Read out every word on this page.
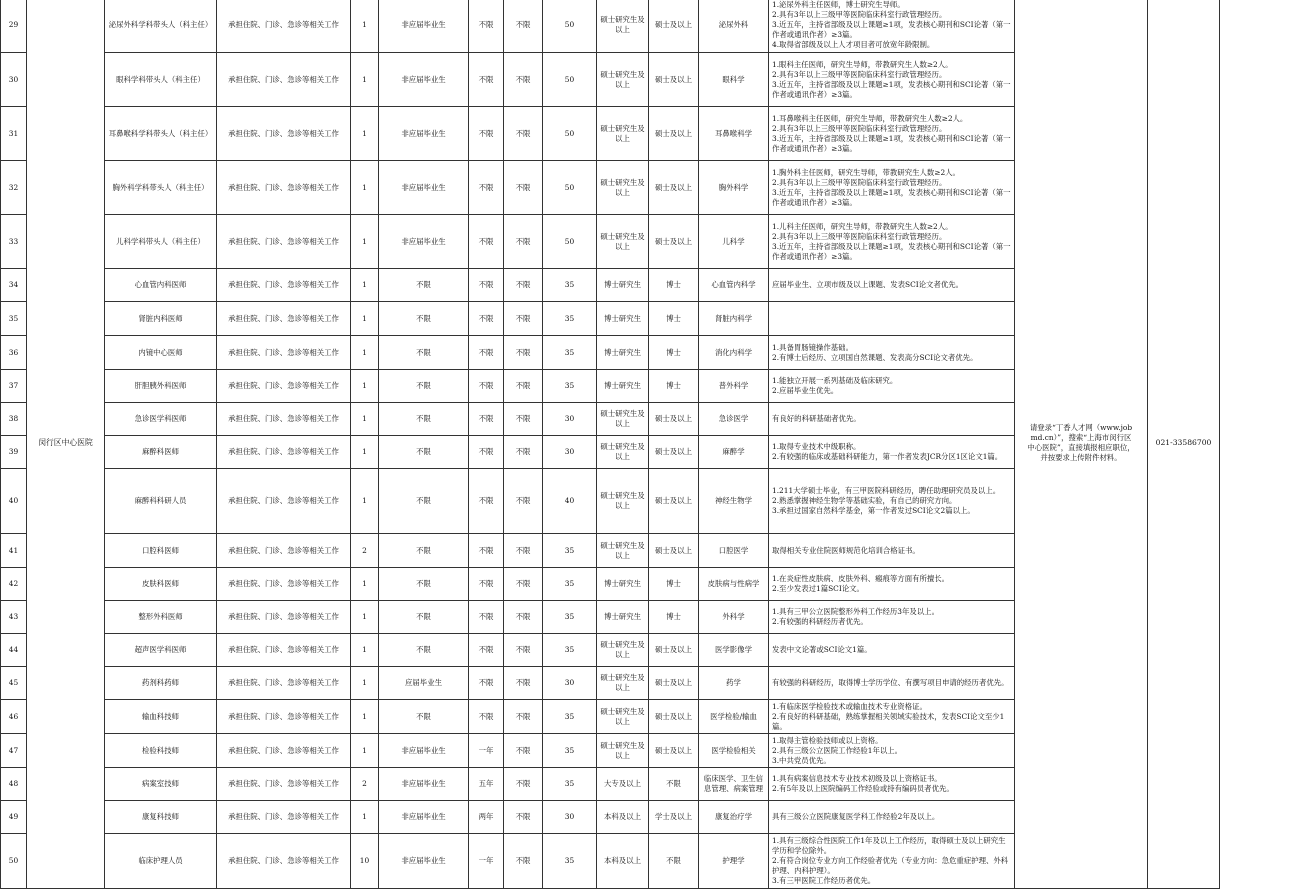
29	闵行区中心医院	泌尿外科学科带头人（科主任）	承担住院、门诊、急诊等相关工作	1	非应届毕业生	不限	不限	50	硕士研究生及以上	硕士及以上	泌尿外科	1.泌尿外科主任医师，博士研究生导师。
2.具有3年以上三级甲等医院临床科室行政管理经历。
3.近五年，主持省部级及以上课题≥1项，发表核心期刊和SCI论著（第一作者或通讯作者）≥3篇。
4.取得省部级及以上人才项目者可放宽年龄限制。	请登录“丁香人才网（www.jobmd.cn）”，搜索“上海市闵行区中心医院”，直接填报相应职位，并按要求上传附件材料。	021-33586700
30		眼科学科带头人（科主任）	承担住院、门诊、急诊等相关工作	1	非应届毕业生	不限	不限	50	硕士研究生及以上	硕士及以上	眼科学	1.眼科主任医师，研究生导师，带教研究生人数≥2人。
2.具有3年以上三级甲等医院临床科室行政管理经历。
3.近五年，主持省部级及以上课题≥1项，发表核心期刊和SCI论著（第一作者或通讯作者）≥3篇。		
31		耳鼻喉科学科带头人（科主任）	承担住院、门诊、急诊等相关工作	1	非应届毕业生	不限	不限	50	硕士研究生及以上	硕士及以上	耳鼻喉科学	1.耳鼻喉科主任医师，研究生导师，带教研究生人数≥2人。
2.具有3年以上三级甲等医院临床科室行政管理经历。
3.近五年，主持省部级及以上课题≥1项，发表核心期刊和SCI论著（第一作者或通讯作者）≥3篇。		
32		胸外科学科带头人（科主任）	承担住院、门诊、急诊等相关工作	1	非应届毕业生	不限	不限	50	硕士研究生及以上	硕士及以上	胸外科学	1.胸外科主任医师，研究生导师，带教研究生人数≥2人。
2.具有3年以上三级甲等医院临床科室行政管理经历。
3.近五年，主持省部级及以上课题≥1项，发表核心期刊和SCI论著（第一作者或通讯作者）≥3篇。		
33		儿科学科带头人（科主任）	承担住院、门诊、急诊等相关工作	1	非应届毕业生	不限	不限	50	硕士研究生及以上	硕士及以上	儿科学	1.儿科主任医师，研究生导师，带教研究生人数≥2人。
2.具有3年以上三级甲等医院临床科室行政管理经历。
3.近五年，主持省部级及以上课题≥1项，发表核心期刊和SCI论著（第一作者或通讯作者）≥3篇。		
34		心血管内科医师	承担住院、门诊、急诊等相关工作	1	不限	不限	不限	35	博士研究生	博士	心血管内科学	应届毕业生、立项市级及以上课题、发表SCI论文者优先。		
35		肾脏内科医师	承担住院、门诊、急诊等相关工作	1	不限	不限	不限	35	博士研究生	博士	肾脏内科学			
36		内镜中心医师	承担住院、门诊、急诊等相关工作	1	不限	不限	不限	35	博士研究生	博士	消化内科学	1.具备胃肠镜操作基础。
2.有博士后经历、立项国自然课题、发表高分SCI论文者优先。		
37		肝胆胰外科医师	承担住院、门诊、急诊等相关工作	1	不限	不限	不限	35	博士研究生	博士	普外科学	1.能独立开展一系列基础及临床研究。
2.应届毕业生优先。		
38		急诊医学科医师	承担住院、门诊、急诊等相关工作	1	不限	不限	不限	30	硕士研究生及以上	硕士及以上	急诊医学	有良好的科研基础者优先。		
39		麻醉科医师	承担住院、门诊、急诊等相关工作	1	不限	不限	不限	30	硕士研究生及以上	硕士及以上	麻醉学	1.取得专业技术中级职称。
2.有较强的临床或基础科研能力，第一作者发表JCR分区1区论文1篇。		
40		麻醉科科研人员	承担住院、门诊、急诊等相关工作	1	不限	不限	不限	40	硕士研究生及以上	硕士及以上	神经生物学	1.211大学硕士毕业，有三甲医院科研经历，聘任助理研究员及以上。
2.熟悉掌握神经生物学等基础实验，有自己的研究方向。
3.承担过国家自然科学基金，第一作者发过SCI论文2篇以上。		
41		口腔科医师	承担住院、门诊、急诊等相关工作	2	不限	不限	不限	35	硕士研究生及以上	硕士及以上	口腔医学	取得相关专业住院医师规范化培训合格证书。		
42		皮肤科医师	承担住院、门诊、急诊等相关工作	1	不限	不限	不限	35	博士研究生	博士	皮肤病与性病学	1.在炎症性皮肤病、皮肤外科、瘢痕等方面有所擅长。
2.至少发表过1篇SCI论文。		
43		整形外科医师	承担住院、门诊、急诊等相关工作	1	不限	不限	不限	35	博士研究生	博士	外科学	1.具有三甲公立医院整形外科工作经历3年及以上。
2.有较强的科研经历者优先。		
44		超声医学科医师	承担住院、门诊、急诊等相关工作	1	不限	不限	不限	35	硕士研究生及以上	硕士及以上	医学影像学	发表中文论著或SCI论文1篇。		
45		药剂科药师	承担住院、门诊、急诊等相关工作	1	应届毕业生	不限	不限	30	硕士研究生及以上	硕士及以上	药学	有较强的科研经历，取得博士学历学位、有撰写项目申请的经历者优先。		
46		输血科技师	承担住院、门诊、急诊等相关工作	1	不限	不限	不限	35	硕士研究生及以上	硕士及以上	医学检验/输血	1.有临床医学检验技术或输血技术专业资格证。
2.有良好的科研基础，熟练掌握相关领域实验技术，发表SCI论文至少1篇。		
47		检验科技师	承担住院、门诊、急诊等相关工作	1	非应届毕业生	一年	不限	35	硕士研究生及以上	硕士及以上	医学检验相关	1.取得主管检验技师或以上资格。
2.具有三级公立医院工作经验1年以上。
3.中共党员优先。		
48		病案室技师	承担住院、门诊、急诊等相关工作	2	非应届毕业生	五年	不限	35	大专及以上	不限	临床医学、卫生信息管理、病案管理	1.具有病案信息技术专业技术初级及以上资格证书。
2.有5年及以上医院编码工作经验或持有编码员者优先。		
49		康复科技师	承担住院、门诊、急诊等相关工作	1	非应届毕业生	两年	不限	30	本科及以上	学士及以上	康复治疗学	具有三级公立医院康复医学科工作经验2年及以上。		
50		临床护理人员	承担住院、门诊、急诊等相关工作	10	非应届毕业生	一年	不限	35	本科及以上	不限	护理学	1.具有三级综合性医院工作1年及以上工作经历，取得硕士及以上研究生学历和学位除外。
2.有符合岗位专业方向工作经验者优先（专业方向：急危重症护理、外科护理、内科护理）。
3.有三甲医院工作经历者优先。		
